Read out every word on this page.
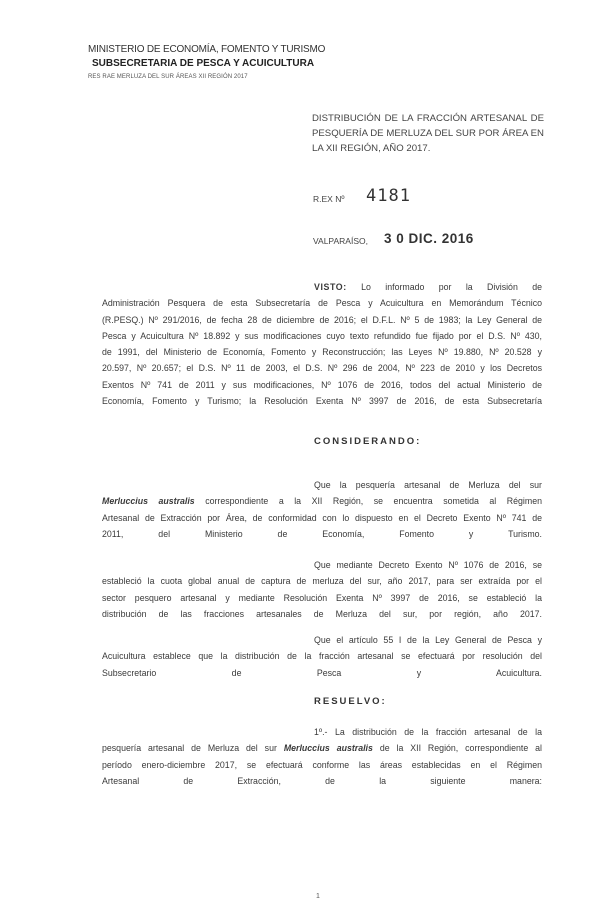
MINISTERIO DE ECONOMÍA, FOMENTO Y TURISMO
SUBSECRETARIA DE PESCA Y ACUICULTURA
RES RAE MERLUZA DEL SUR ÁREAS XII REGIÓN 2017
DISTRIBUCIÓN DE LA FRACCIÓN ARTESANAL DE PESQUERÍA DE MERLUZA DEL SUR POR ÁREA EN LA XII REGIÓN, AÑO 2017.
R.EX Nº 4181
VALPARAÍSO, 3 0 DIC. 2016
VISTO: Lo informado por la División de
Administración Pesquera de esta Subsecretaría de Pesca y Acuicultura en Memorándum Técnico
(R.PESQ.) Nº 291/2016, de fecha 28 de diciembre de 2016; el D.F.L. Nº 5 de 1983; la Ley General de
Pesca y Acuicultura Nº 18.892 y sus modificaciones cuyo texto refundido fue fijado por el D.S. Nº 430,
de 1991, del Ministerio de Economía, Fomento y Reconstrucción; las Leyes Nº 19.880, Nº 20.528 y
20.597, Nº 20.657; el D.S. Nº 11 de 2003, el D.S. Nº 296 de 2004, Nº 223 de 2010 y los Decretos
Exentos Nº 741 de 2011 y sus modificaciones, Nº 1076 de 2016, todos del actual Ministerio de
Economía, Fomento y Turismo; la Resolución Exenta Nº 3997 de 2016, de esta Subsecretaría
CONSIDERANDO:
Que la pesquería artesanal de Merluza del sur
Merluccius australis correspondiente a la XII Región, se encuentra sometida al Régimen
Artesanal de Extracción por Área, de conformidad con lo dispuesto en el Decreto Exento Nº 741 de
2011, del Ministerio de Economía, Fomento y Turismo.
Que mediante Decreto Exento Nº 1076 de 2016, se
estableció la cuota global anual de captura de merluza del sur, año 2017, para ser extraída por el
sector pesquero artesanal y mediante Resolución Exenta Nº 3997 de 2016, se estableció la
distribución de las fracciones artesanales de Merluza del sur, por región, año 2017.
Que el artículo 55 I de la Ley General de Pesca y
Acuicultura establece que la distribución de la fracción artesanal se efectuará por resolución del
Subsecretario de Pesca y Acuicultura.
RESUELVO:
1º.- La distribución de la fracción artesanal de la
pesquería artesanal de Merluza del sur Merluccius australis de la XII Región, correspondiente al
período enero-diciembre 2017, se efectuará conforme las áreas establecidas en el Régimen
Artesanal de Extracción, de la siguiente manera:
1
